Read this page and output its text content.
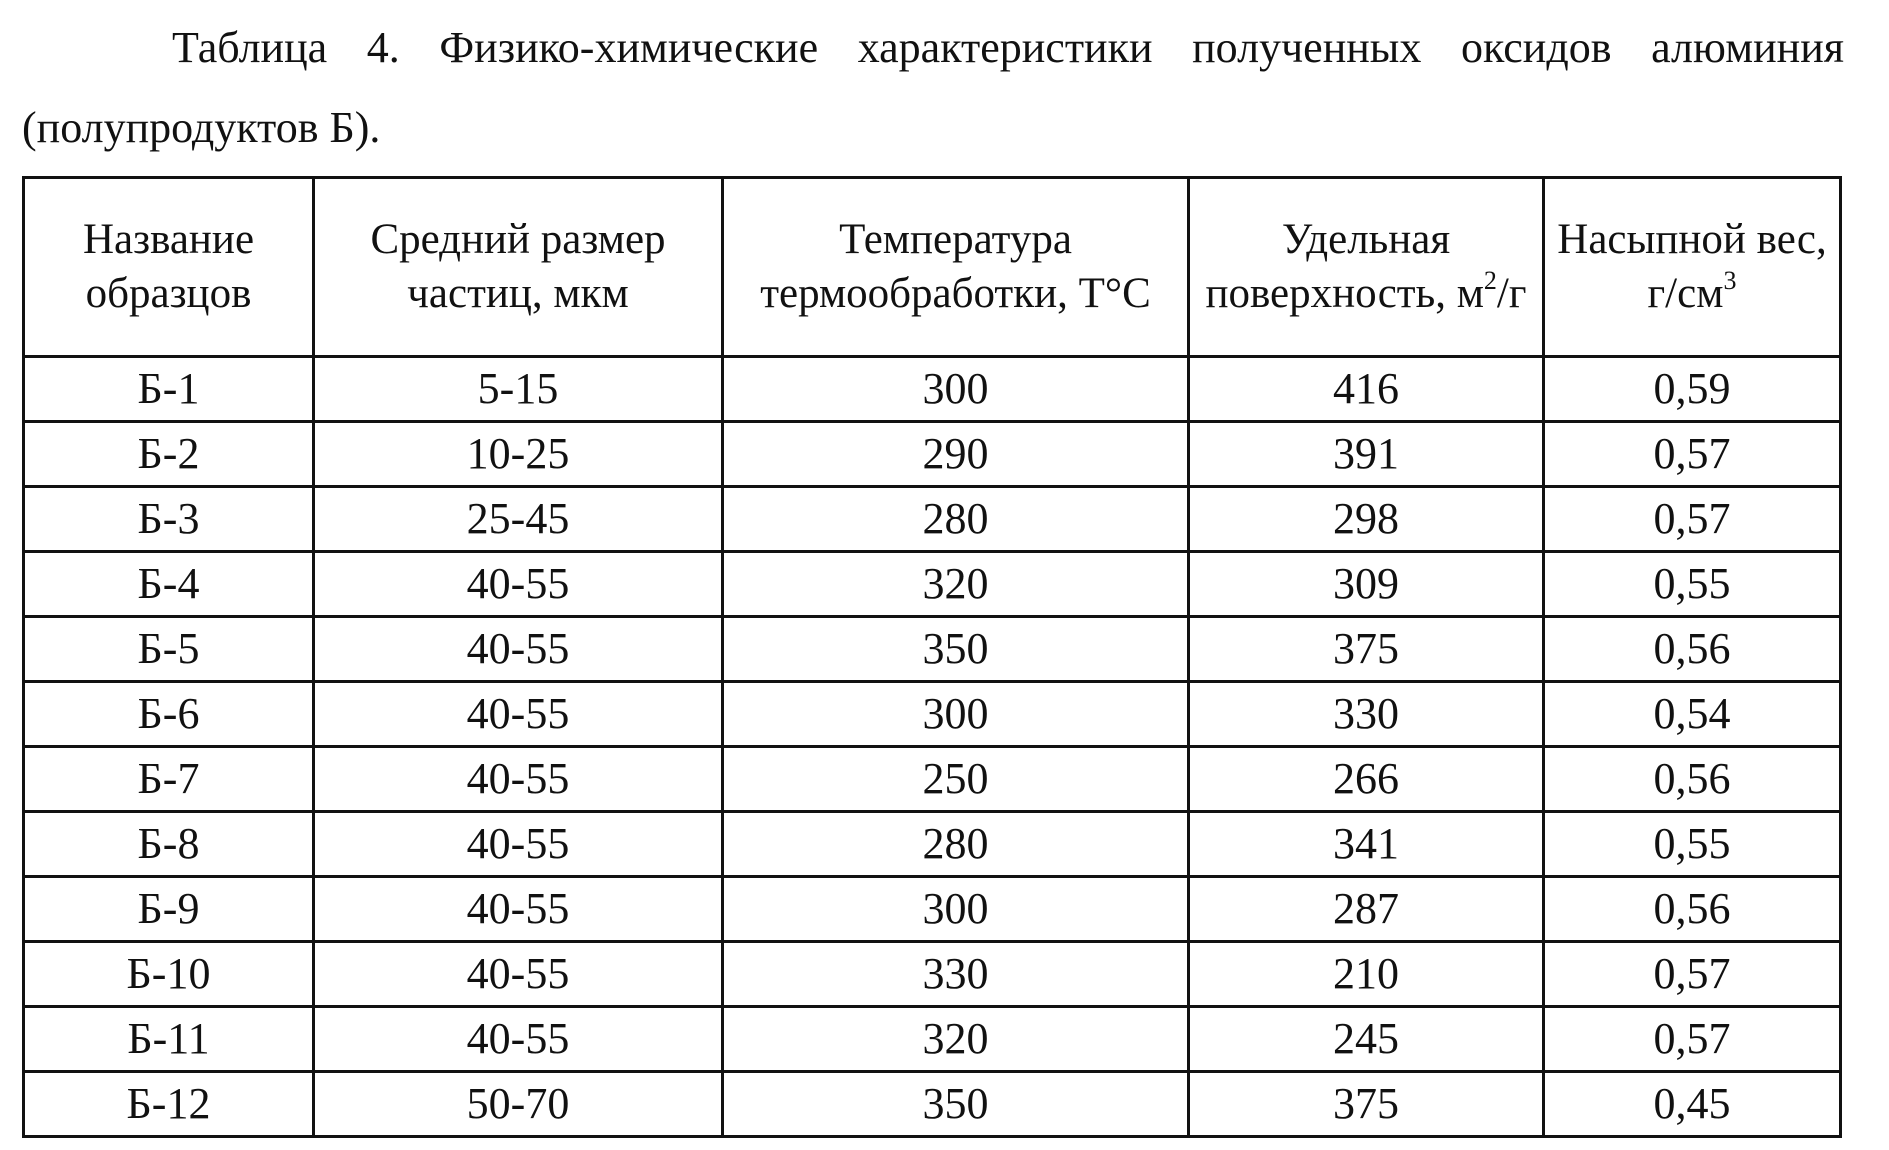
Таблица 4. Физико-химические характеристики полученных оксидов алюминия (полупродуктов Б).
Название образцов	Средний размер частиц, мкм	Температура термообработки, T°C	Удельная поверхность, $м^2/г$	Насыпной вес, $г/см^3$
Б-1	5-15	300	416	0,59
Б-2	10-25	290	391	0,57
Б-3	25-45	280	298	0,57
Б-4	40-55	320	309	0,55
Б-5	40-55	350	375	0,56
Б-6	40-55	300	330	0,54
Б-7	40-55	250	266	0,56
Б-8	40-55	280	341	0,55
Б-9	40-55	300	287	0,56
Б-10	40-55	330	210	0,57
Б-11	40-55	320	245	0,57
Б-12	50-70	350	375	0,45
